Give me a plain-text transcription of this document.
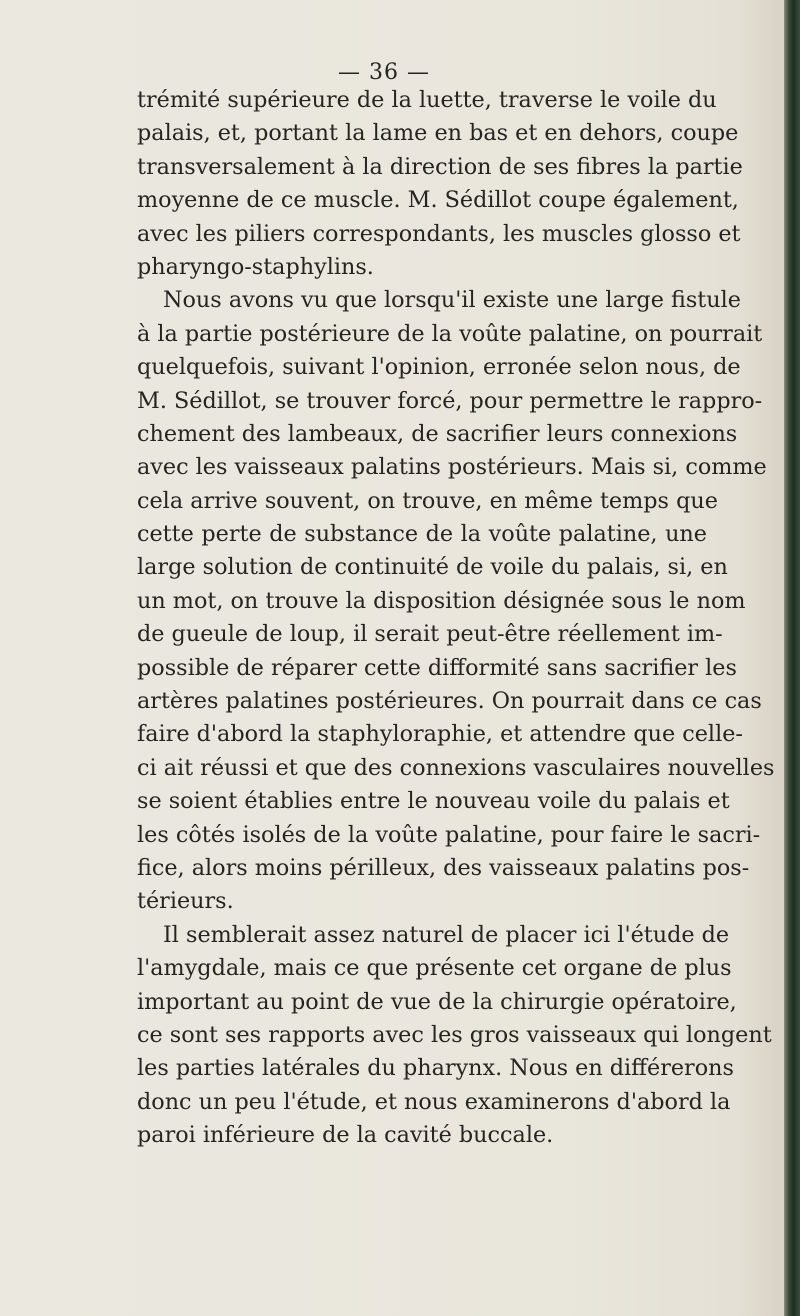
— 36 —
trémité supérieure de la luette, traverse le voile du
palais, et, portant la lame en bas et en dehors, coupe
transversalement à la direction de ses fibres la partie
moyenne de ce muscle. M. Sédillot coupe également,
avec les piliers correspondants, les muscles glosso et
pharyngo-staphylins.
Nous avons vu que lorsqu'il existe une large fistule
à la partie postérieure de la voûte palatine, on pourrait
quelquefois, suivant l'opinion, erronée selon nous, de
M. Sédillot, se trouver forcé, pour permettre le rappro-
chement des lambeaux, de sacrifier leurs connexions
avec les vaisseaux palatins postérieurs. Mais si, comme
cela arrive souvent, on trouve, en même temps que
cette perte de substance de la voûte palatine, une
large solution de continuité de voile du palais, si, en
un mot, on trouve la disposition désignée sous le nom
de gueule de loup, il serait peut-être réellement im-
possible de réparer cette difformité sans sacrifier les
artères palatines postérieures. On pourrait dans ce cas
faire d'abord la staphyloraphie, et attendre que celle-
ci ait réussi et que des connexions vasculaires nouvelles
se soient établies entre le nouveau voile du palais et
les côtés isolés de la voûte palatine, pour faire le sacri-
fice, alors moins périlleux, des vaisseaux palatins pos-
térieurs.
Il semblerait assez naturel de placer ici l'étude de
l'amygdale, mais ce que présente cet organe de plus
important au point de vue de la chirurgie opératoire,
ce sont ses rapports avec les gros vaisseaux qui longent
les parties latérales du pharynx. Nous en différerons
donc un peu l'étude, et nous examinerons d'abord la
paroi inférieure de la cavité buccale.
